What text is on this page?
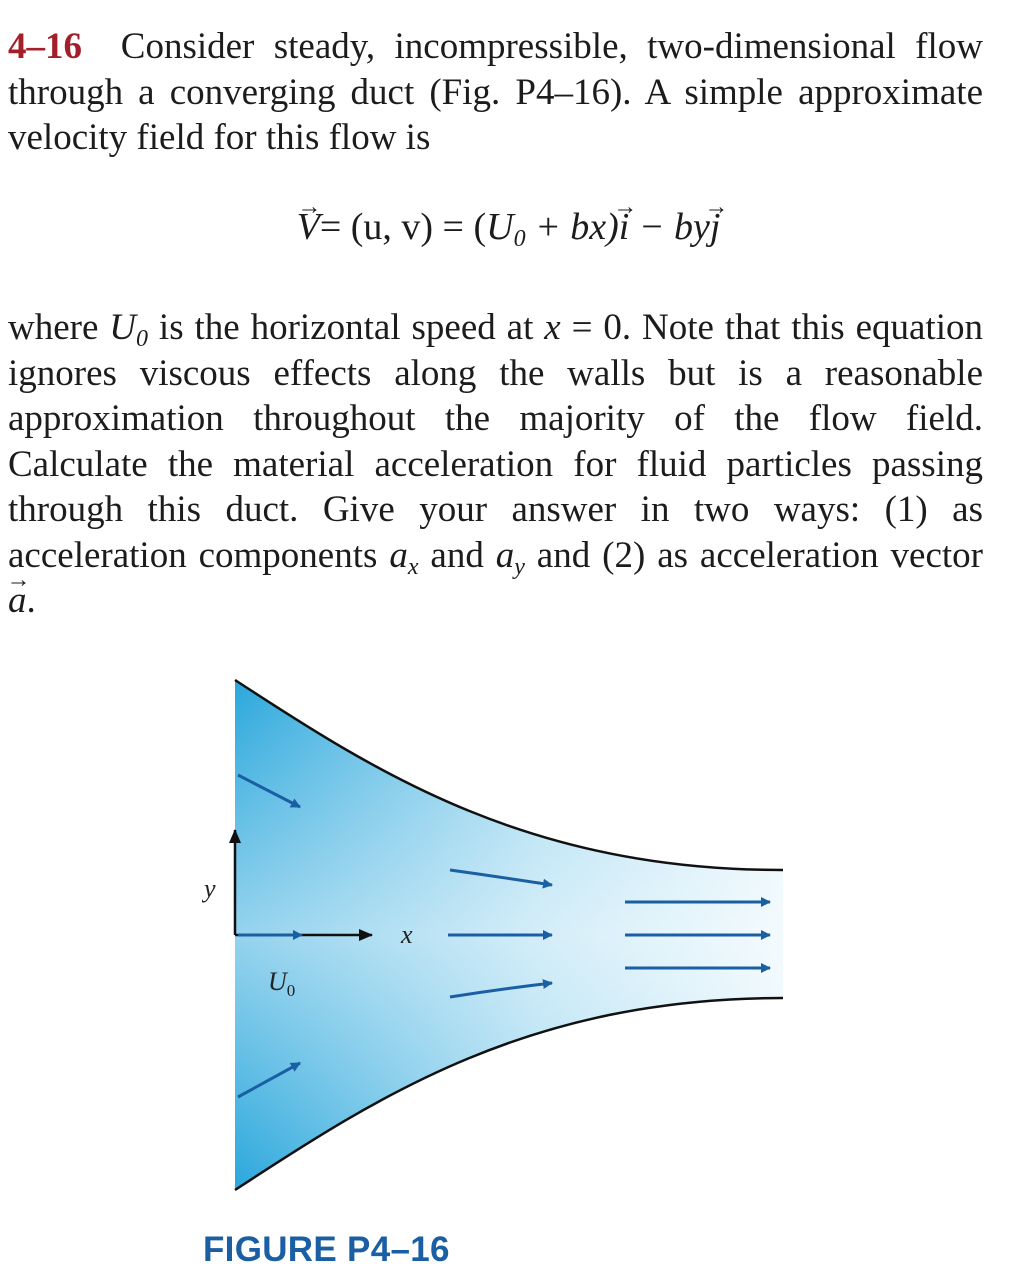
4–16 Consider steady, incompressible, two-dimensional flow through a converging duct (Fig. P4–16). A simple approximate velocity field for this flow is
V →= (u, $v) = (U_0 + bx)i$ → − byj →
where $U_0$ is the horizontal speed at x = 0. Note that this equation ignores viscous effects along the walls but is a reasonable approximation throughout the majority of the flow field. Calculate the material acceleration for fluid particles passing through this duct. Give your answer in two ways: (1) as acceleration components $a_x$ and $a_y$ and (2) as acceleration vector a →.
y
x
$U_0$
FIGURE P4–16
